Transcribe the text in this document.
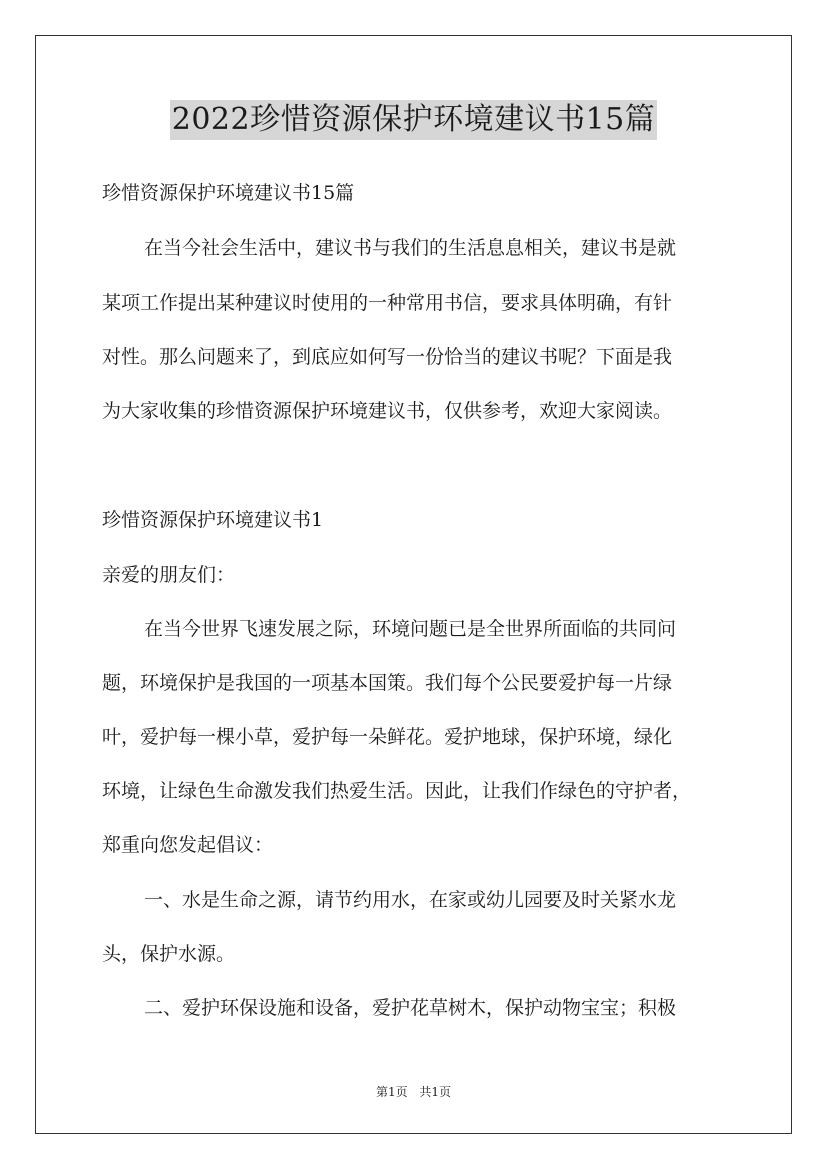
2022珍惜资源保护环境建议书15篇
珍惜资源保护环境建议书15篇
在当今社会生活中，建议书与我们的生活息息相关，建议书是就
某项工作提出某种建议时使用的一种常用书信，要求具体明确，有针
对性。那么问题来了，到底应如何写一份恰当的建议书呢？下面是我
为大家收集的珍惜资源保护环境建议书，仅供参考，欢迎大家阅读。
珍惜资源保护环境建议书1
亲爱的朋友们：
在当今世界飞速发展之际，环境问题已是全世界所面临的共同问
题，环境保护是我国的一项基本国策。我们每个公民要爱护每一片绿
叶，爱护每一棵小草，爱护每一朵鲜花。爱护地球，保护环境，绿化
环境，让绿色生命激发我们热爱生活。因此，让我们作绿色的守护者，
郑重向您发起倡议：
一、水是生命之源，请节约用水，在家或幼儿园要及时关紧水龙
头，保护水源。
二、爱护环保设施和设备，爱护花草树木，保护动物宝宝；积极
第1页 共1页
